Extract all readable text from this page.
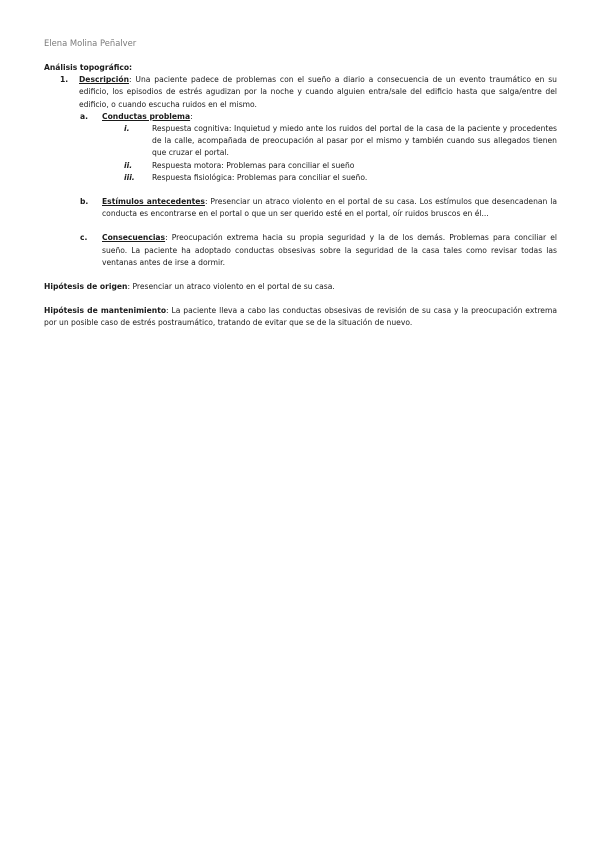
Elena Molina Peñalver

Análisis topográfico:

1. Descripción: Una paciente padece de problemas con el sueño a diario a consecuencia de un evento traumático en su edificio, los episodios de estrés agudizan por la noche y cuando alguien entra/sale del edificio hasta que salga/entre del edificio, o cuando escucha ruidos en el mismo.
a. Conductas problema:
i.	Respuesta cognitiva: Inquietud y miedo ante los ruidos del portal de la casa de la paciente y procedentes de la calle, acompañada de preocupación al pasar por el mismo y también cuando sus allegados tienen que cruzar el portal.
ii.	Respuesta motora: Problemas para conciliar el sueño
iii. Respuesta fisiológica: Problemas para conciliar el sueño.
b. Estímulos antecedentes: Presenciar un atraco violento en el portal de su casa. Los estímulos que desencadenan la conducta es encontrarse en el portal o que un ser querido esté en el portal, oír ruidos bruscos en él...
c. Consecuencias: Preocupación extrema hacia su propia seguridad y la de los demás. Problemas para conciliar el sueño. La paciente ha adoptado conductas obsesivas sobre la seguridad de la casa tales como revisar todas las ventanas antes de irse a dormir.

Hipótesis de origen: Presenciar un atraco violento en el portal de su casa.

Hipótesis de mantenimiento: La paciente lleva a cabo las conductas obsesivas de revisión de su casa y la preocupación extrema por un posible caso de estrés postraumático, tratando de evitar que se de la situación de nuevo.
